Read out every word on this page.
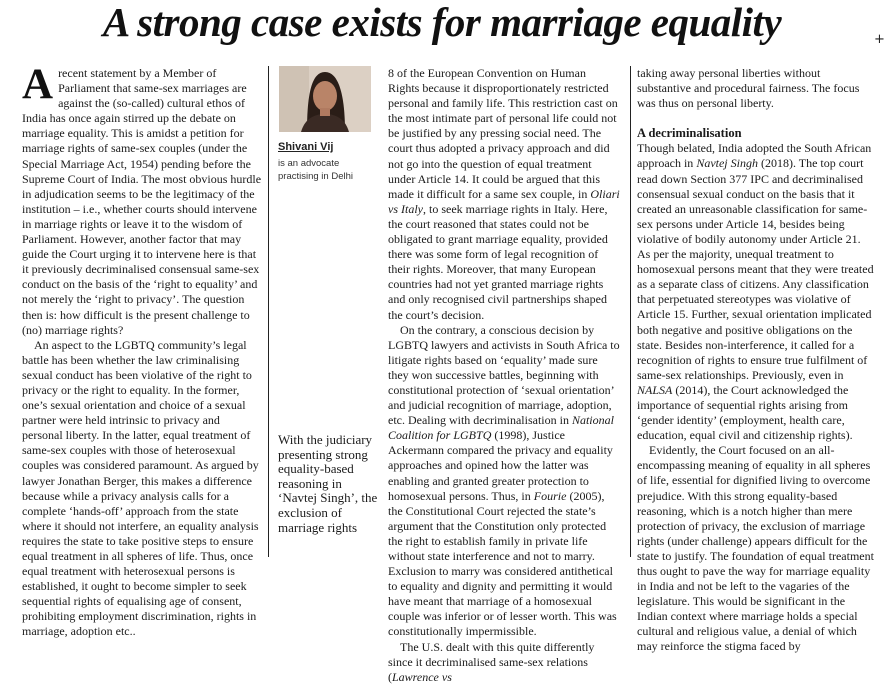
A strong case exists for marriage equality	+

A recent statement by a Member of Parliament that same-sex marriages are against the (so-called) cultural ethos of India has once again stirred up the debate on marriage equality. This is amidst a petition for marriage rights of same-sex couples (under the Special Marriage Act, 1954) pending before the Supreme Court of India. The most obvious hurdle in adjudication seems to be the legitimacy of the institution – i.e., whether courts should intervene in marriage rights or leave it to the wisdom of Parliament. However, another factor that may guide the Court urging it to intervene here is that it previously decriminalised consensual same-sex conduct on the basis of the ‘right to equality’ and not merely the ‘right to privacy’. The question then is: how difficult is the present challenge to (no) marriage rights?

An aspect to the LGBTQ community’s legal battle has been whether the law criminalising sexual conduct has been violative of the right to privacy or the right to equality. In the former, one’s sexual orientation and choice of a sexual partner were held intrinsic to privacy and personal liberty. In the latter, equal treatment of same-sex couples with those of heterosexual couples was considered paramount. As argued by lawyer Jonathan Berger, this makes a difference because while a privacy analysis calls for a complete ‘hands-off’ approach from the state where it should not interfere, an equality analysis requires the state to take positive steps to ensure equal treatment in all spheres of life. Thus, once equal treatment with heterosexual persons is established, it ought to become simpler to seek sequential rights of equalising age of consent, prohibiting employment discrimination, rights in marriage, adoption etc..

Shivani Vij
is an advocate practising in Delhi
With the judiciary presenting strong equality-based reasoning in ‘Navtej Singh’, the exclusion of marriage rights

8 of the European Convention on Human Rights because it disproportionately restricted personal and family life. This restriction cast on the most intimate part of personal life could not be justified by any pressing social need. The court thus adopted a privacy approach and did not go into the question of equal treatment under Article 14. It could be argued that this made it difficult for a same sex couple, in Oliari vs Italy, to seek marriage rights in Italy. Here, the court reasoned that states could not be obligated to grant marriage equality, provided there was some form of legal recognition of their rights. Moreover, that many European countries had not yet granted marriage rights and only recognised civil partnerships shaped the court’s decision.

On the contrary, a conscious decision by LGBTQ lawyers and activists in South Africa to litigate rights based on ‘equality’ made sure they won successive battles, beginning with constitutional protection of ‘sexual orientation’ and judicial recognition of marriage, adoption, etc. Dealing with decriminalisation in National Coalition for LGBTQ (1998), Justice Ackermann compared the privacy and equality approaches and opined how the latter was enabling and granted greater protection to homosexual persons. Thus, in Fourie (2005), the Constitutional Court rejected the state’s argument that the Constitution only protected the right to establish family in private life without state interference and not to marry. Exclusion to marry was considered antithetical to equality and dignity and permitting it would have meant that marriage of a homosexual couple was inferior or of lesser worth. This was constitutionally impermissible.

The U.S. dealt with this quite differently since it decriminalised same-sex relations (Lawrence vs

taking away personal liberties without substantive and procedural fairness. The focus was thus on personal liberty.

A decriminalisation

Though belated, India adopted the South African approach in Navtej Singh (2018). The top court read down Section 377 IPC and decriminalised consensual sexual conduct on the basis that it created an unreasonable classification for same-sex persons under Article 14, besides being violative of bodily autonomy under Article 21. As per the majority, unequal treatment to homosexual persons meant that they were treated as a separate class of citizens. Any classification that perpetuated stereotypes was violative of Article 15. Further, sexual orientation implicated both negative and positive obligations on the state. Besides non-interference, it called for a recognition of rights to ensure true fulfilment of same-sex relationships. Previously, even in NALSA (2014), the Court acknowledged the importance of sequential rights arising from ‘gender identity’ (employment, health care, education, equal civil and citizenship rights).

Evidently, the Court focused on an all-encompassing meaning of equality in all spheres of life, essential for dignified living to overcome prejudice. With this strong equality-based reasoning, which is a notch higher than mere protection of privacy, the exclusion of marriage rights (under challenge) appears difficult for the state to justify. The foundation of equal treatment thus ought to pave the way for marriage equality in India and not be left to the vagaries of the legislature. This would be significant in the Indian context where marriage holds a special cultural and religious value, a denial of which may reinforce the stigma faced by
